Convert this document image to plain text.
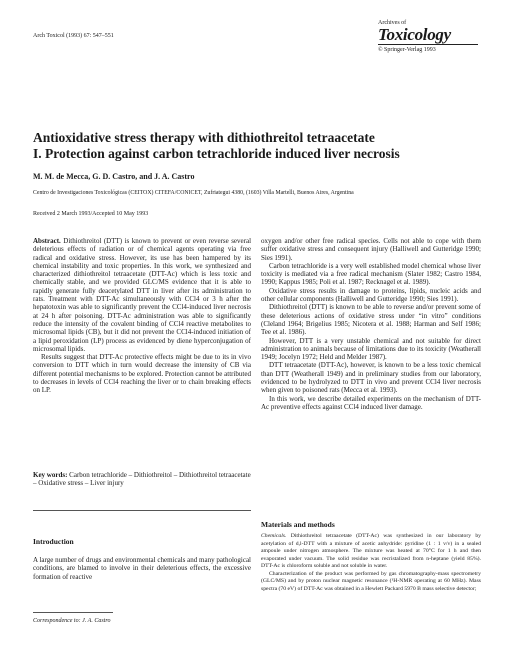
Arch Toxicol (1993) 67: 547–551
Archives of
Toxicology
© Springer-Verlag 1993
Antioxidative stress therapy with dithiothreitol tetraacetate
I. Protection against carbon tetrachloride induced liver necrosis
M. M. de Mecca, G. D. Castro, and J. A. Castro
Centro de Investigaciones Toxicológicas (CEITOX) CITEFA/CONICET, Zufriategui 4380, (1603) Villa Martelli, Buenos Aires, Argentina
Received 2 March 1993/Accepted 10 May 1993

Abstract. Dithiothreitol (DTT) is known to prevent or even reverse several deleterious effects of radiation or of chemical agents operating via free radical and oxidative stress. However, its use has been hampered by its chemical instability and toxic properties. In this work, we synthesized and characterized dithiothreitol tetraacetate (DTT-Ac) which is less toxic and chemically stable, and we provided GLC/MS evidence that it is able to rapidly generate fully deacetylated DTT in liver after its administration to rats. Treatment with DTT-Ac simultaneously with CCl4 or 3 h after the hepatotoxin was able to significantly prevent the CCl4-induced liver necrosis at 24 h after poisoning. DTT-Ac administration was able to significantly reduce the intensity of the covalent binding of CCl4 reactive metabolites to microsomal lipids (CB), but it did not prevent the CCl4-induced initiation of a lipid peroxidation (LP) process as evidenced by diene hyperconjugation of microsomal lipids.

Results suggest that DTT-Ac protective effects might be due to its in vivo conversion to DTT which in turn would decrease the intensity of CB via different potential mechanisms to be explored. Protection cannot be attributed to decreases in levels of CCl4 reaching the liver or to chain breaking effects on LP.

Key words: Carbon tetrachloride – Dithiothreitol – Dithiothreitol tetraacetate – Oxidative stress – Liver injury

oxygen and/or other free radical species. Cells not able to cope with them suffer oxidative stress and consequent injury (Halliwell and Gutteridge 1990; Sies 1991).

Carbon tetrachloride is a very well established model chemical whose liver toxicity is mediated via a free radical mechanism (Slater 1982; Castro 1984, 1990; Kappus 1985; Poli et al. 1987; Recknagel et al. 1989).

Oxidative stress results in damage to proteins, lipids, nucleic acids and other cellular components (Halliwell and Gutteridge 1990; Sies 1991).

Dithiothreitol (DTT) is known to be able to reverse and/or prevent some of these deleterious actions of oxidative stress under “in vitro” conditions (Cleland 1964; Brigelius 1985; Nicotera et al. 1988; Harman and Self 1986; Tee et al. 1986).

However, DTT is a very unstable chemical and not suitable for direct administration to animals because of limitations due to its toxicity (Weatherall 1949; Jocelyn 1972; Held and Melder 1987).

DTT tetraacetate (DTT-Ac), however, is known to be a less toxic chemical than DTT (Weatherall 1949) and in preliminary studies from our laboratory, evidenced to be hydrolyzed to DTT in vivo and prevent CCl4 liver necrosis when given to poisoned rats (Mecca et al. 1993).

In this work, we describe detailed experiments on the mechanism of DTT-Ac preventive effects against CCl4 induced liver damage.

Introduction
A large number of drugs and environmental chemicals and many pathological conditions, are blamed to involve in their deleterious effects, the excessive formation of reactive
Materials and methods
Chemicals. Dithiothreitol tetraacetate (DTT-Ac) was synthesized in our laboratory by acetylation of d,l-DTT with a mixture of acetic anhydride: pyridine (1 : 1 v/v) in a sealed ampoule under nitrogen atmosphere. The mixture was heated at 70°C for 1 h and then evaporated under vacuum. The solid residue was recristalized from n-heptane (yield 85%). DTT-Ac is chloroform soluble and not soluble in water.
Characterization of the product was performed by gas chromatography-mass spectrometry (GLC/MS) and by proton nuclear magnetic resonance (¹H-NMR operating at 60 MHz). Mass spectra (70 eV) of DTT-Ac was obtained in a Hewlett Packard 5970 B mass selective detector;
Correspondence to: J. A. Castro
